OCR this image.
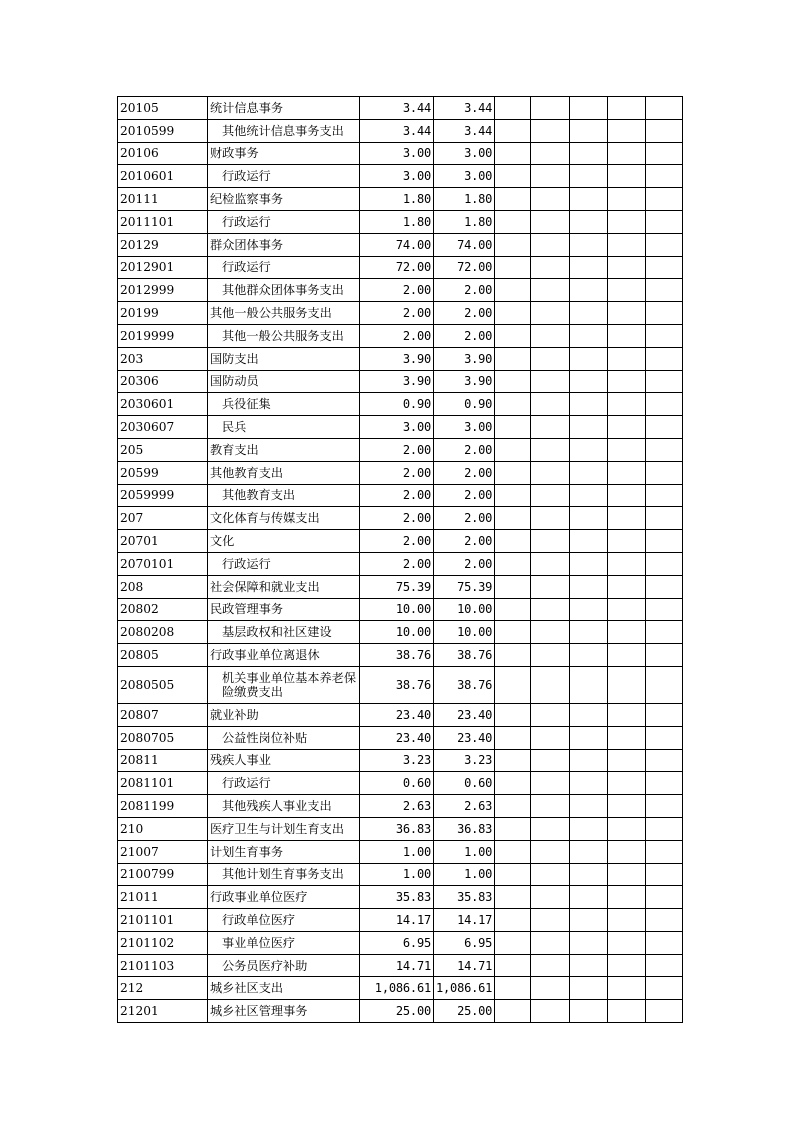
20105	统计信息事务	3.44	3.44					
2010599	其他统计信息事务支出	3.44	3.44					
20106	财政事务	3.00	3.00					
2010601	行政运行	3.00	3.00					
20111	纪检监察事务	1.80	1.80					
2011101	行政运行	1.80	1.80					
20129	群众团体事务	74.00	74.00					
2012901	行政运行	72.00	72.00					
2012999	其他群众团体事务支出	2.00	2.00					
20199	其他一般公共服务支出	2.00	2.00					
2019999	其他一般公共服务支出	2.00	2.00					
203	国防支出	3.90	3.90					
20306	国防动员	3.90	3.90					
2030601	兵役征集	0.90	0.90					
2030607	民兵	3.00	3.00					
205	教育支出	2.00	2.00					
20599	其他教育支出	2.00	2.00					
2059999	其他教育支出	2.00	2.00					
207	文化体育与传媒支出	2.00	2.00					
20701	文化	2.00	2.00					
2070101	行政运行	2.00	2.00					
208	社会保障和就业支出	75.39	75.39					
20802	民政管理事务	10.00	10.00					
2080208	基层政权和社区建设	10.00	10.00					
20805	行政事业单位离退休	38.76	38.76					
2080505	机关事业单位基本养老保险缴费支出	38.76	38.76					
20807	就业补助	23.40	23.40					
2080705	公益性岗位补贴	23.40	23.40					
20811	残疾人事业	3.23	3.23					
2081101	行政运行	0.60	0.60					
2081199	其他残疾人事业支出	2.63	2.63					
210	医疗卫生与计划生育支出	36.83	36.83					
21007	计划生育事务	1.00	1.00					
2100799	其他计划生育事务支出	1.00	1.00					
21011	行政事业单位医疗	35.83	35.83					
2101101	行政单位医疗	14.17	14.17					
2101102	事业单位医疗	6.95	6.95					
2101103	公务员医疗补助	14.71	14.71					
212	城乡社区支出	1,086.61	1,086.61					
21201	城乡社区管理事务	25.00	25.00					
